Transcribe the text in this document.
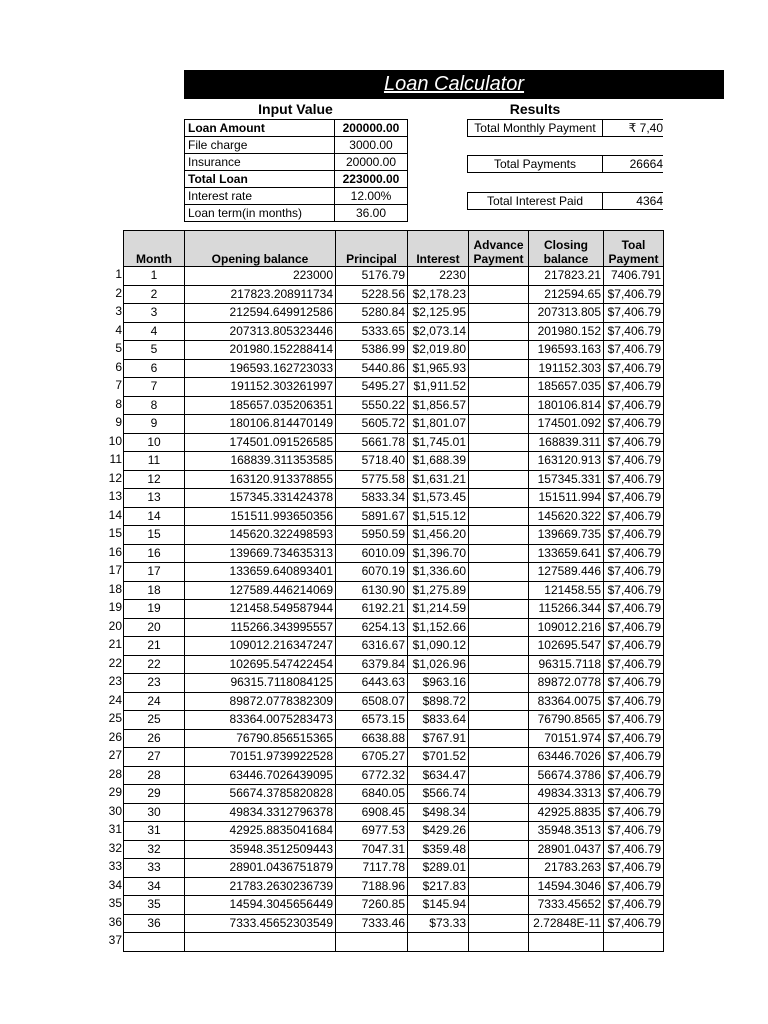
Loan Calculator
Input Value	Results
Loan Amount	200000.00
File charge	3000.00
Insurance	20000.00
Total Loan	223000.00
Interest rate	12.00%
Loan term(in months)	36.00
Total Monthly Payment	₹ 7,40
Total Payments	26664
Total Interest Paid	4364
1
2
3
4
5
6
7
8
9
10
11
12
13
14
15
16
17
18
19
20
21
22
23
24
25
26
27
28
29
30
31
32
33
34
35
36
37
Month	Opening balance	Principal	Interest	Advance Payment	Closing balance	Toal Payment
1	223000	5176.79	2230		217823.21	7406.791
2	217823.208911734	5228.56	$2,178.23		212594.65	$7,406.79
3	212594.649912586	5280.84	$2,125.95		207313.805	$7,406.79
4	207313.805323446	5333.65	$2,073.14		201980.152	$7,406.79
5	201980.152288414	5386.99	$2,019.80		196593.163	$7,406.79
6	196593.162723033	5440.86	$1,965.93		191152.303	$7,406.79
7	191152.303261997	5495.27	$1,911.52		185657.035	$7,406.79
8	185657.035206351	5550.22	$1,856.57		180106.814	$7,406.79
9	180106.814470149	5605.72	$1,801.07		174501.092	$7,406.79
10	174501.091526585	5661.78	$1,745.01		168839.311	$7,406.79
11	168839.311353585	5718.40	$1,688.39		163120.913	$7,406.79
12	163120.913378855	5775.58	$1,631.21		157345.331	$7,406.79
13	157345.331424378	5833.34	$1,573.45		151511.994	$7,406.79
14	151511.993650356	5891.67	$1,515.12		145620.322	$7,406.79
15	145620.322498593	5950.59	$1,456.20		139669.735	$7,406.79
16	139669.734635313	6010.09	$1,396.70		133659.641	$7,406.79
17	133659.640893401	6070.19	$1,336.60		127589.446	$7,406.79
18	127589.446214069	6130.90	$1,275.89		121458.55	$7,406.79
19	121458.549587944	6192.21	$1,214.59		115266.344	$7,406.79
20	115266.343995557	6254.13	$1,152.66		109012.216	$7,406.79
21	109012.216347247	6316.67	$1,090.12		102695.547	$7,406.79
22	102695.547422454	6379.84	$1,026.96		96315.7118	$7,406.79
23	96315.7118084125	6443.63	$963.16		89872.0778	$7,406.79
24	89872.0778382309	6508.07	$898.72		83364.0075	$7,406.79
25	83364.0075283473	6573.15	$833.64		76790.8565	$7,406.79
26	76790.856515365	6638.88	$767.91		70151.974	$7,406.79
27	70151.9739922528	6705.27	$701.52		63446.7026	$7,406.79
28	63446.7026439095	6772.32	$634.47		56674.3786	$7,406.79
29	56674.3785820828	6840.05	$566.74		49834.3313	$7,406.79
30	49834.3312796378	6908.45	$498.34		42925.8835	$7,406.79
31	42925.8835041684	6977.53	$429.26		35948.3513	$7,406.79
32	35948.3512509443	7047.31	$359.48		28901.0437	$7,406.79
33	28901.0436751879	7117.78	$289.01		21783.263	$7,406.79
34	21783.2630236739	7188.96	$217.83		14594.3046	$7,406.79
35	14594.3045656449	7260.85	$145.94		7333.45652	$7,406.79
36	7333.45652303549	7333.46	$73.33		2.72848E-11	$7,406.79
